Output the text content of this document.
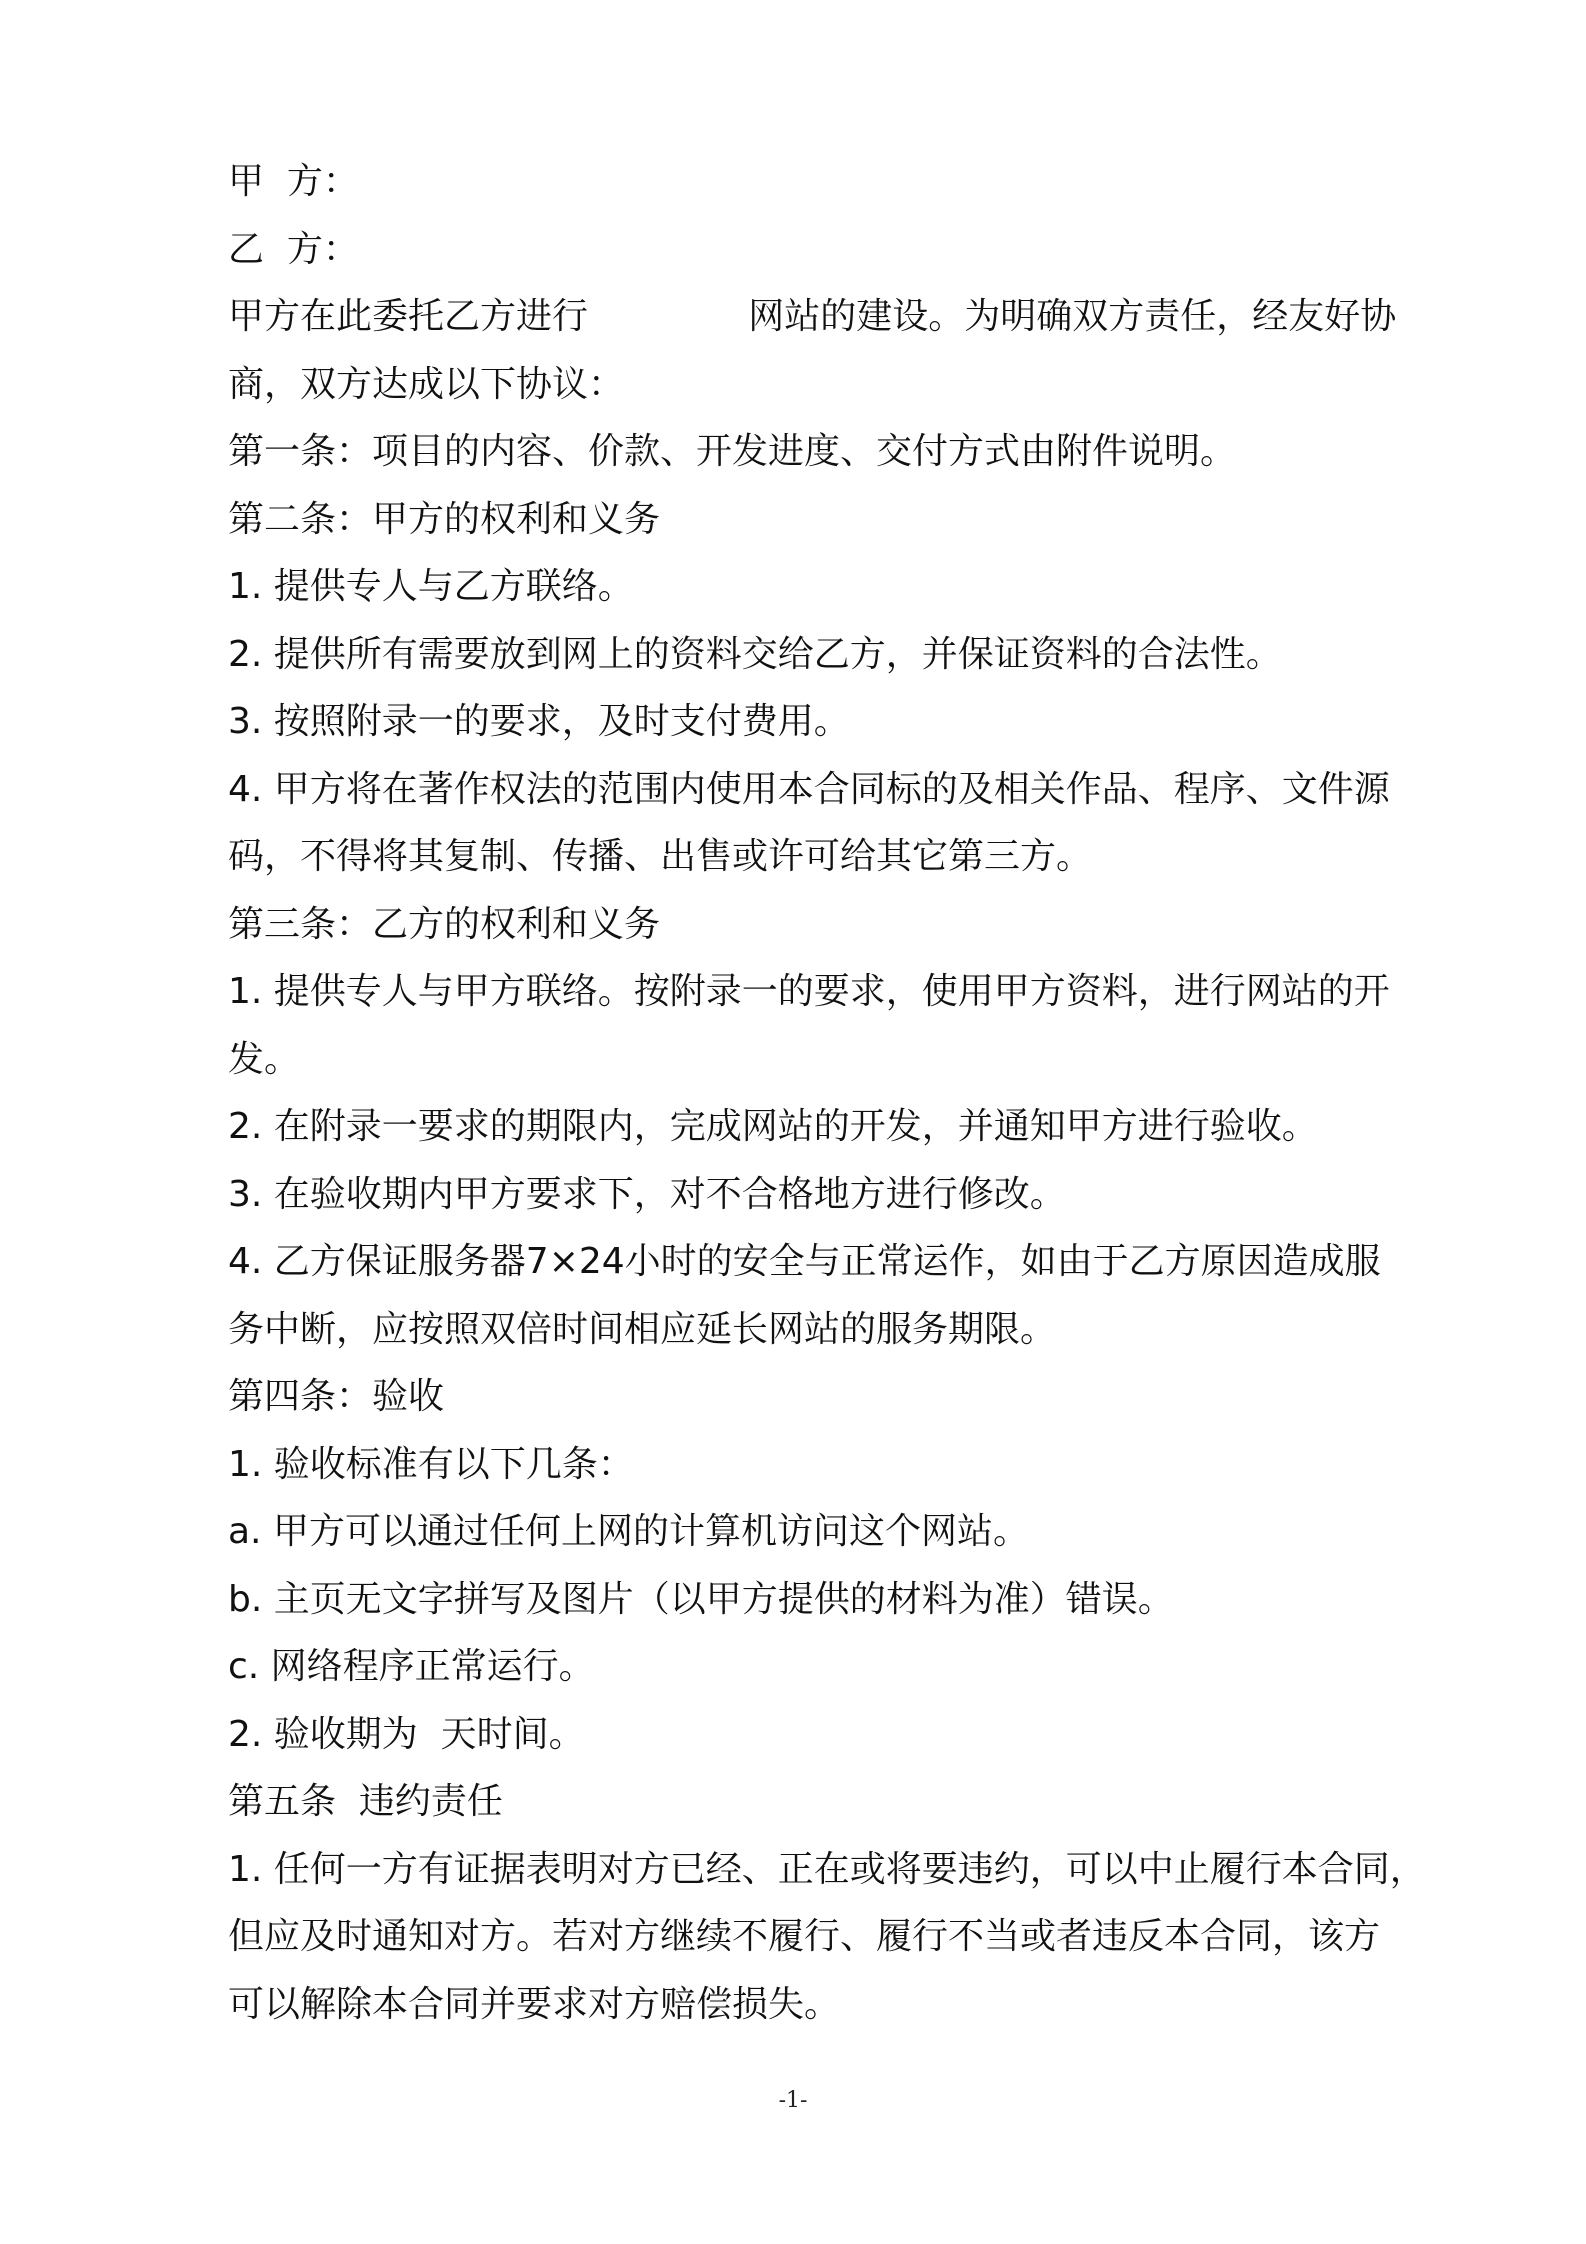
甲  方：

乙  方：

甲方在此委托乙方进行              网站的建设。为明确双方责任，经友好协

商，双方达成以下协议：

第一条：项目的内容、价款、开发进度、交付方式由附件说明。

第二条：甲方的权利和义务

1. 提供专人与乙方联络。

2. 提供所有需要放到网上的资料交给乙方，并保证资料的合法性。

3. 按照附录一的要求，及时支付费用。

4. 甲方将在著作权法的范围内使用本合同标的及相关作品、程序、文件源

码，不得将其复制、传播、出售或许可给其它第三方。

第三条：乙方的权利和义务

1. 提供专人与甲方联络。按附录一的要求，使用甲方资料，进行网站的开

发。

2. 在附录一要求的期限内，完成网站的开发，并通知甲方进行验收。

3. 在验收期内甲方要求下，对不合格地方进行修改。

4. 乙方保证服务器7×24小时的安全与正常运作，如由于乙方原因造成服

务中断，应按照双倍时间相应延长网站的服务期限。

第四条：验收

1. 验收标准有以下几条：

a. 甲方可以通过任何上网的计算机访问这个网站。

b. 主页无文字拼写及图片（以甲方提供的材料为准）错误。

c. 网络程序正常运行。

2. 验收期为  天时间。

第五条  违约责任

1. 任何一方有证据表明对方已经、正在或将要违约，可以中止履行本合同，

但应及时通知对方。若对方继续不履行、履行不当或者违反本合同，该方

可以解除本合同并要求对方赔偿损失。

-1-
